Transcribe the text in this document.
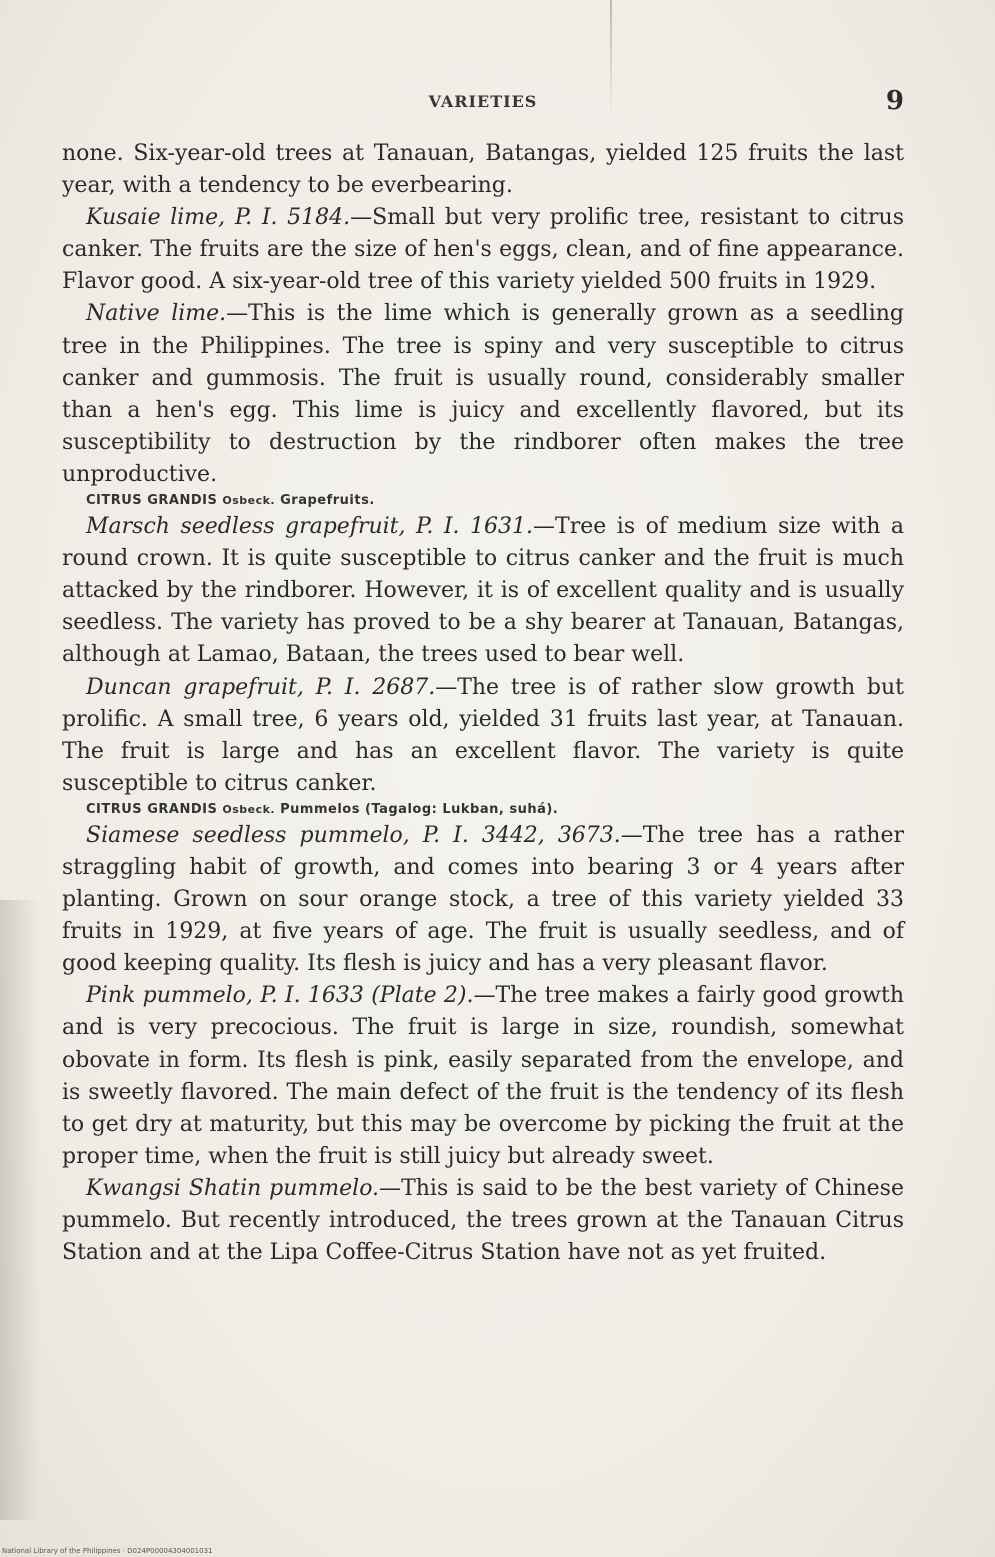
VARIETIES	9

none. Six-year-old trees at Tanauan, Batangas, yielded 125 fruits the last year, with a tendency to be everbearing.

Kusaie lime, P. I. 5184.—Small but very prolific tree, resistant to citrus canker. The fruits are the size of hen's eggs, clean, and of fine appearance. Flavor good. A six-year-old tree of this variety yielded 500 fruits in 1929.

Native lime.—This is the lime which is generally grown as a seedling tree in the Philippines. The tree is spiny and very susceptible to citrus canker and gummosis. The fruit is usually round, considerably smaller than a hen's egg. This lime is juicy and excellently flavored, but its susceptibility to destruction by the rindborer often makes the tree unproductive.

CITRUS GRANDIS Osbeck. Grapefruits.

Marsch seedless grapefruit, P. I. 1631.—Tree is of medium size with a round crown. It is quite susceptible to citrus canker and the fruit is much attacked by the rindborer. However, it is of excellent quality and is usually seedless. The variety has proved to be a shy bearer at Tanauan, Batangas, although at Lamao, Bataan, the trees used to bear well.

Duncan grapefruit, P. I. 2687.—The tree is of rather slow growth but prolific. A small tree, 6 years old, yielded 31 fruits last year, at Tanauan. The fruit is large and has an excellent flavor. The variety is quite susceptible to citrus canker.

CITRUS GRANDIS Osbeck. Pummelos (Tagalog: Lukban, suhá).

Siamese seedless pummelo, P. I. 3442, 3673.—The tree has a rather straggling habit of growth, and comes into bearing 3 or 4 years after planting. Grown on sour orange stock, a tree of this variety yielded 33 fruits in 1929, at five years of age. The fruit is usually seedless, and of good keeping quality. Its flesh is juicy and has a very pleasant flavor.

Pink pummelo, P. I. 1633 (Plate 2).—The tree makes a fairly good growth and is very precocious. The fruit is large in size, roundish, somewhat obovate in form. Its flesh is pink, easily separated from the envelope, and is sweetly flavored. The main defect of the fruit is the tendency of its flesh to get dry at maturity, but this may be overcome by picking the fruit at the proper time, when the fruit is still juicy but already sweet.

Kwangsi Shatin pummelo.—This is said to be the best variety of Chinese pummelo. But recently introduced, the trees grown at the Tanauan Citrus Station and at the Lipa Coffee-Citrus Station have not as yet fruited.

National Library of the Philippines · D024P00004304001031
